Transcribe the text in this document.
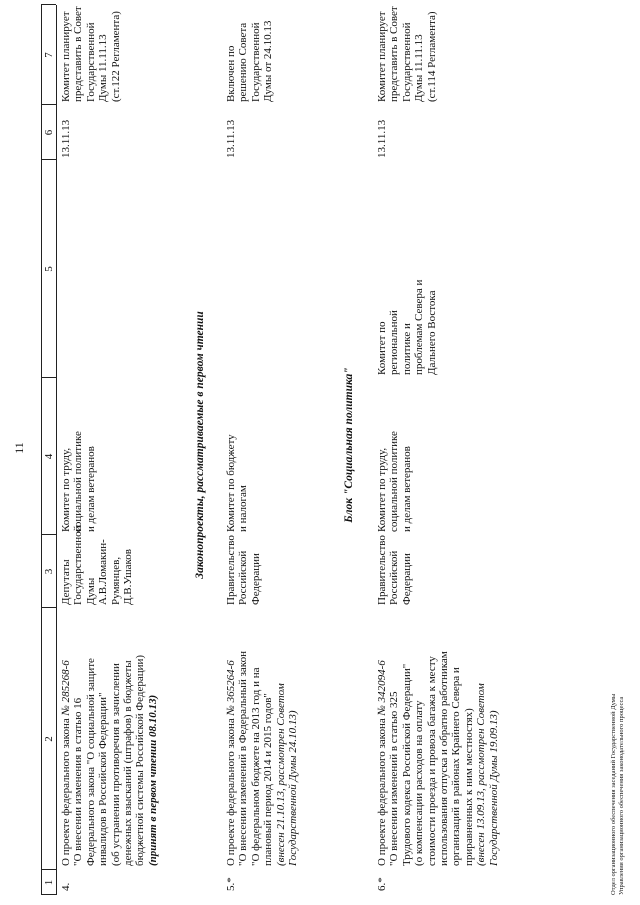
11
1
2
3
4
5
6
7
4.
О проекте федерального закона № 285268-6
"О внесении изменения в статью 16
Федерального закона "О социальной защите
инвалидов в Российской Федерации"
(об устранении противоречия в зачислении
денежных взысканий (штрафов) в бюджеты
бюджетной системы Российской Федерации)
(принят в первом чтении 08.10.13)
Депутаты
Государственной
Думы
А.В.Ломакин-
Румянцев,
Д.В.Ушаков
Комитет по труду,
социальной политике
и делам ветеранов
13.11.13
Комитет планирует
представить в Совет
Государственной
Думы 11.11.13
(ст.122 Регламента)
Законопроекты, рассматриваемые в первом чтении
5.*
О проекте федерального закона № 365264-6
"О внесении изменений в Федеральный закон
"О федеральном бюджете на 2013 год и на
плановый период 2014 и 2015 годов"
(внесен 21.10.13, рассмотрен Советом
Государственной Думы 24.10.13)
Правительство
Российской
Федерации
Комитет по бюджету
и налогам
13.11.13
Включен по
решению Совета
Государственной
Думы от 24.10.13
Блок "Социальная политика"
6.*
О проекте федерального закона № 342094-6
"О внесении изменений в статью 325
Трудового кодекса Российской Федерации"
(о компенсации расходов на оплату
стоимости проезда и провоза багажа к месту
использования отпуска и обратно работникам
организаций в районах Крайнего Севера и
приравненных к ним местностях)
(внесен 13.09.13, рассмотрен Советом
Государственной Думы 19.09.13)
Правительство
Российской
Федерации
Комитет по труду,
социальной политике
и делам ветеранов
Комитет по
региональной
политике и
проблемам Севера и
Дальнего Востока
13.11.13
Комитет планирует
представить в Совет
Государственной
Думы 11.11.13
(ст.114 Регламента)
Отдел организационного обеспечения заседаний Государственной Думы
Управления организационного обеспечения законодательного процесса
